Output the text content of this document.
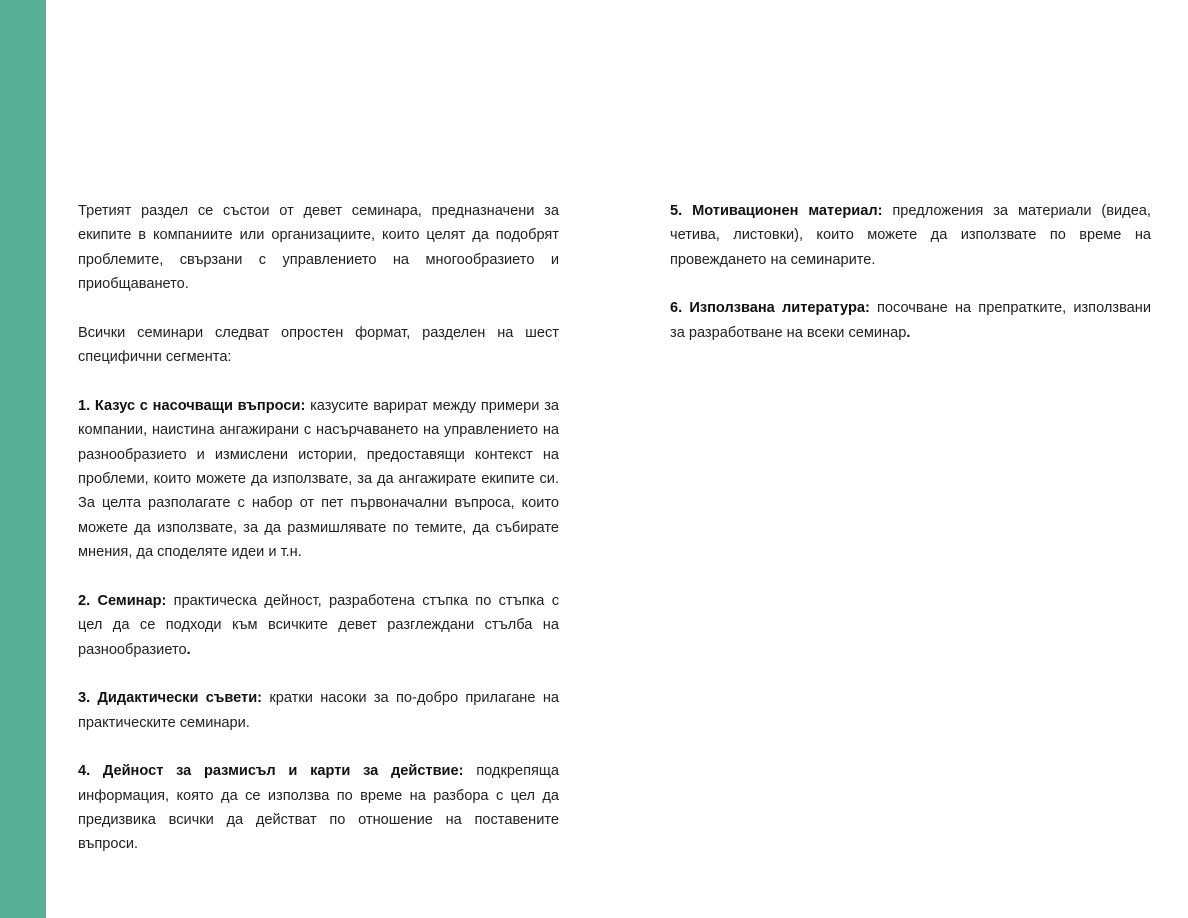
Третият раздел се състои от девет семинара, предназначени за екипите в компаниите или организациите, които целят да подобрят проблемите, свързани с управлението на многообразието и приобщаването.

Всички семинари следват опростен формат, разделен на шест специфични сегмента:

1. Казус с насочващи въпроси: казусите варират между примери за компании, наистина ангажирани с насърчаването на управлението на разнообразието и измислени истории, предоставящи контекст на проблеми, които можете да използвате, за да ангажирате екипите си. За целта разполагате с набор от пет първоначални въпроса, които можете да използвате, за да размишлявате по темите, да събирате мнения, да споделяте идеи и т.н.

2. Семинар: практическа дейност, разработена стъпка по стъпка с цел да се подходи към всичките девет разглеждани стълба на разнообразието.

3. Дидактически съвети: кратки насоки за по-добро прилагане на практическите семинари.

4. Дейност за размисъл и карти за действие: подкрепяща информация, която да се използва по време на разбора с цел да предизвика всички да действат по отношение на поставените въпроси.

5. Мотивационен материал: предложения за материали (видеа, четива, листовки), които можете да използвате по време на провеждането на семинарите.

6. Използвана литература: посочване на препратките, използвани за разработване на всеки семинар.
